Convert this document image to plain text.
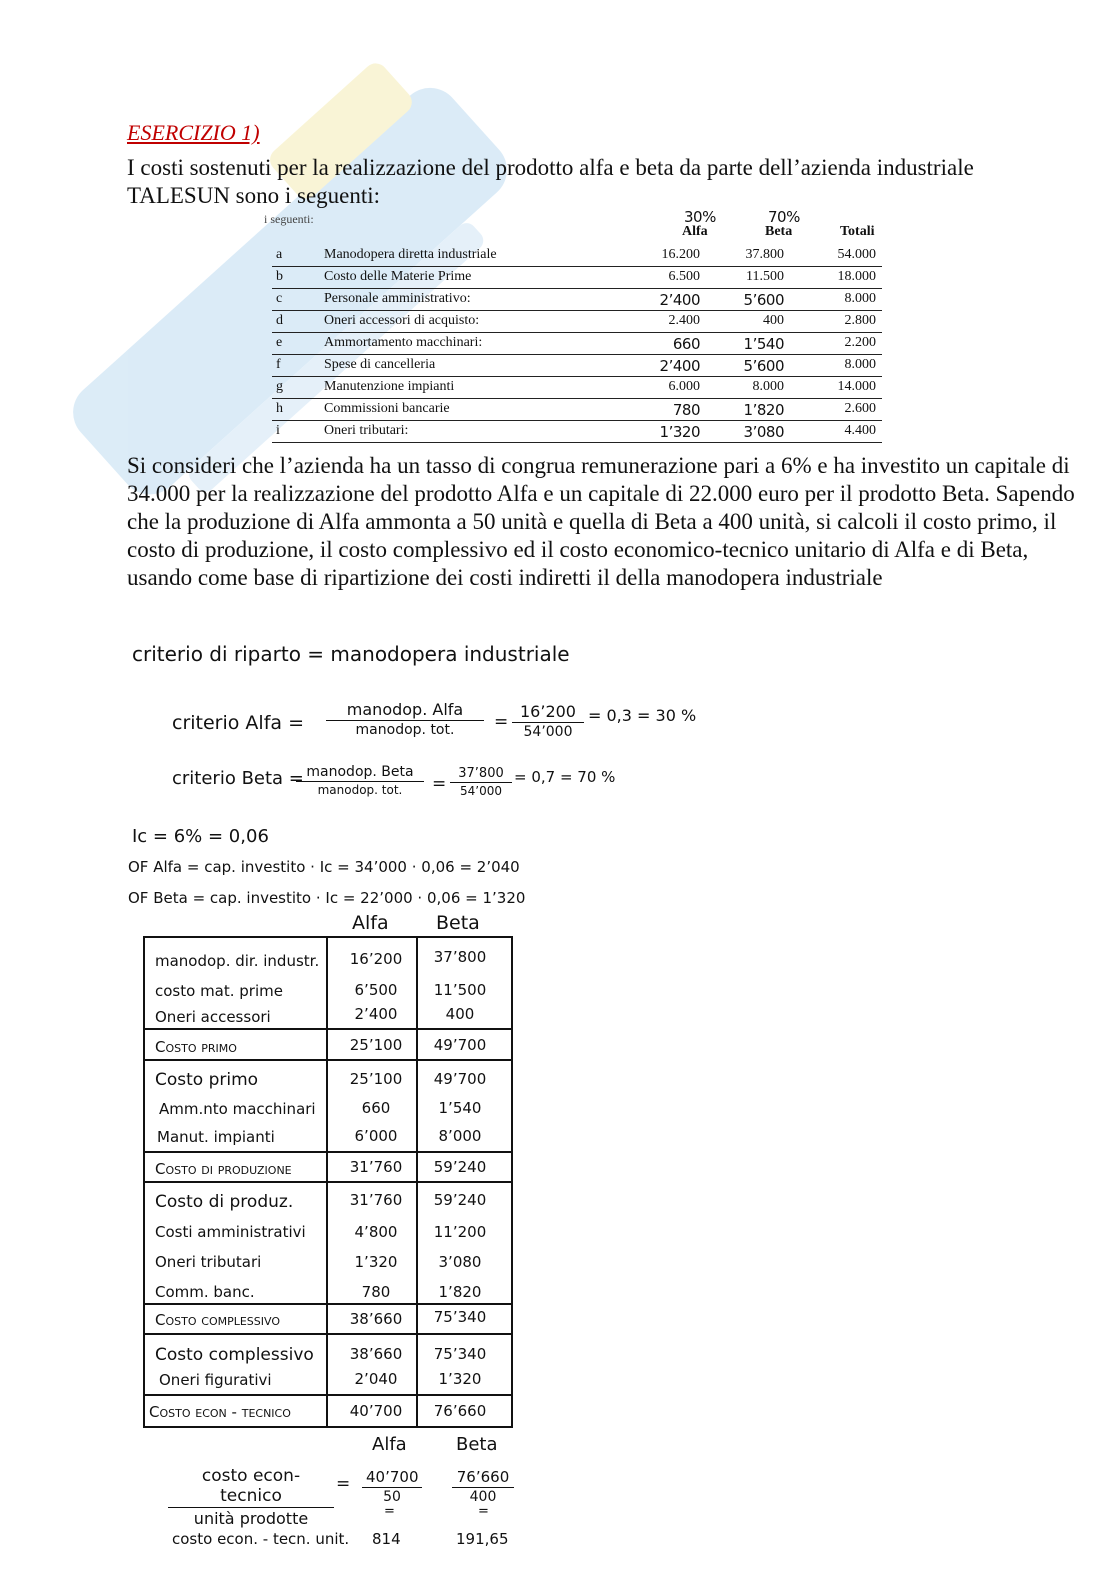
ESERCIZIO 1)
I costi sostenuti per la realizzazione del prodotto alfa e beta da parte dell’azienda industriale TALESUN sono i seguenti:
i seguenti:	30%	70%
Alfa	Beta	Totali
a	Manodopera diretta industriale	16.200	37.800	54.000
b	Costo delle Materie Prime	6.500	11.500	18.000
c	Personale amministrativo:	2’400	5’600	8.000
d	Oneri accessori di acquisto:	2.400	400	2.800
e	Ammortamento macchinari:	660	1’540	2.200
f	Spese di cancelleria	2’400	5’600	8.000
g	Manutenzione impianti	6.000	8.000	14.000
h	Commissioni bancarie	780	1’820	2.600
i	Oneri tributari:	1’320	3’080	4.400
Si consideri che l’azienda ha un tasso di congrua remunerazione pari a 6% e ha investito un capitale di 34.000 per la realizzazione del prodotto Alfa e un capitale di 22.000 euro per il prodotto Beta. Sapendo che la produzione di Alfa ammonta a 50 unità e quella di Beta a 400 unità, si calcoli il costo primo, il costo di produzione, il costo complessivo ed il costo economico-tecnico unitario di Alfa e di Beta, usando come base di ripartizione dei costi indiretti il della manodopera industriale
criterio di riparto = manodopera industriale
criterio Alfa =
manodop. Alfa
manodop. tot.	= $\frac{16’200}{54’000} = 0,3 = 30$ %
criterio Beta = manodop. Beta
manodop. tot.	= $\frac{37’800}{54’000} = 0,7 = 70$ %
Ic = 6% = 0,06
OF Alfa = cap. investito · Ic = 34’000 · 0,06 = 2’040
OF Beta = cap. investito · Ic = 22’000 · 0,06 = 1’320
Alfa Beta
manodop. dir. industr.	16’200	37’800
costo mat. prime	6’500	11’500
Oneri accessori	2’400	400
Costo primo	25’100	49’700
Costo primo	25’100	49’700
Amm.nto macchinari	660	1’540
Manut. impianti	6’000	8’000
Costo di produzione	31’760	59’240
Costo di produz.	31’760	59’240
Costi amministrativi	4’800	11’200
Oneri tributari	1’320	3’080
Comm. banc.	780	1’820
Costo complessivo	38’660	75’340
Costo complessivo	38’660	75’340
Oneri figurativi	2’040	1’320
Costo econ - tecnico	40’700	76’660
Alfa	Beta
costo econ-tecnico
unità prodotte
= $\frac{40’700}{50} \frac{76’660}{400}$
=	=
costo econ. - tecn. unit. 814	191,65
